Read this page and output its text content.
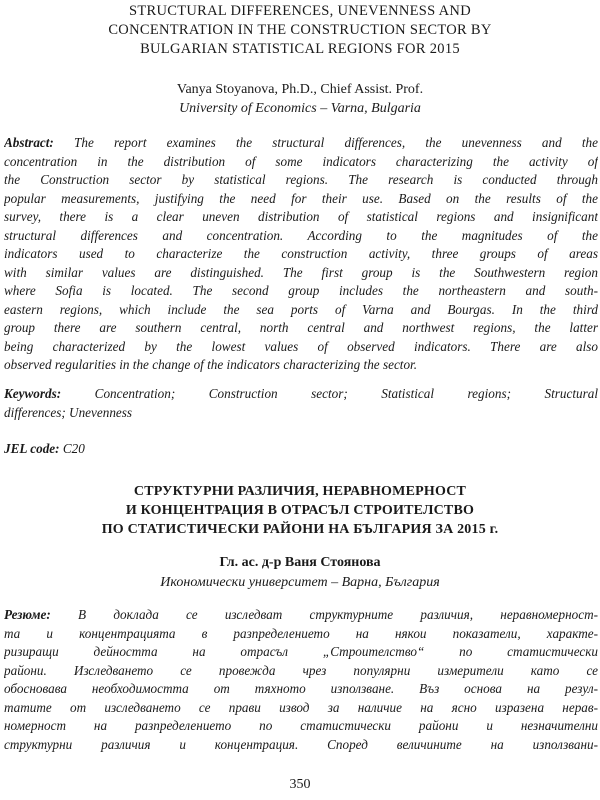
STRUCTURAL DIFFERENCES, UNEVENNESS AND
CONCENTRATION IN THE CONSTRUCTION SECTOR BY
BULGARIAN STATISTICAL REGIONS FOR 2015
Vanya Stoyanova, Ph.D., Chief Assist. Prof.
University of Economics – Varna, Bulgaria
Abstract: The report examines the structural differences, the unevenness and the
concentration in the distribution of some indicators characterizing the activity of
the Construction sector by statistical regions. The research is conducted through
popular measurements, justifying the need for their use. Based on the results of the
survey, there is a clear uneven distribution of statistical regions and insignificant
structural differences and concentration. According to the magnitudes of the
indicators used to characterize the construction activity, three groups of areas
with similar values are distinguished. The first group is the Southwestern region
where Sofia is located. The second group includes the northeastern and south-
eastern regions, which include the sea ports of Varna and Bourgas. In the third
group there are southern central, north central and northwest regions, the latter
being characterized by the lowest values of observed indicators. There are also
observed regularities in the change of the indicators characterizing the sector.
Keywords: Concentration; Construction sector; Statistical regions; Structural
differences; Unevenness
JEL code: C20
СТРУКТУРНИ РАЗЛИЧИЯ, НЕРАВНОМЕРНОСТ
И КОНЦЕНТРАЦИЯ В ОТРАСЪЛ СТРОИТЕЛСТВО
ПО СТАТИСТИЧЕСКИ РАЙОНИ НА БЪЛГАРИЯ ЗА 2015 г.
Гл. ас. д-р Ваня Стоянова
Икономически университет – Варна, България
Резюме: В доклада се изследват структурните различия, неравномерност-
та и концентрацията в разпределението на някои показатели, характе-
ризиращи дейността на отрасъл „Строителство“ по статистически
райони. Изследването се провежда чрез популярни измерители като се
обосновава необходимостта от тяхното използване. Въз основа на резул-
татите от изследването се прави извод за наличие на ясно изразена нерав-
номерност на разпределението по статистически райони и незначителни
структурни различия и концентрация. Според величините на използвани-
350
